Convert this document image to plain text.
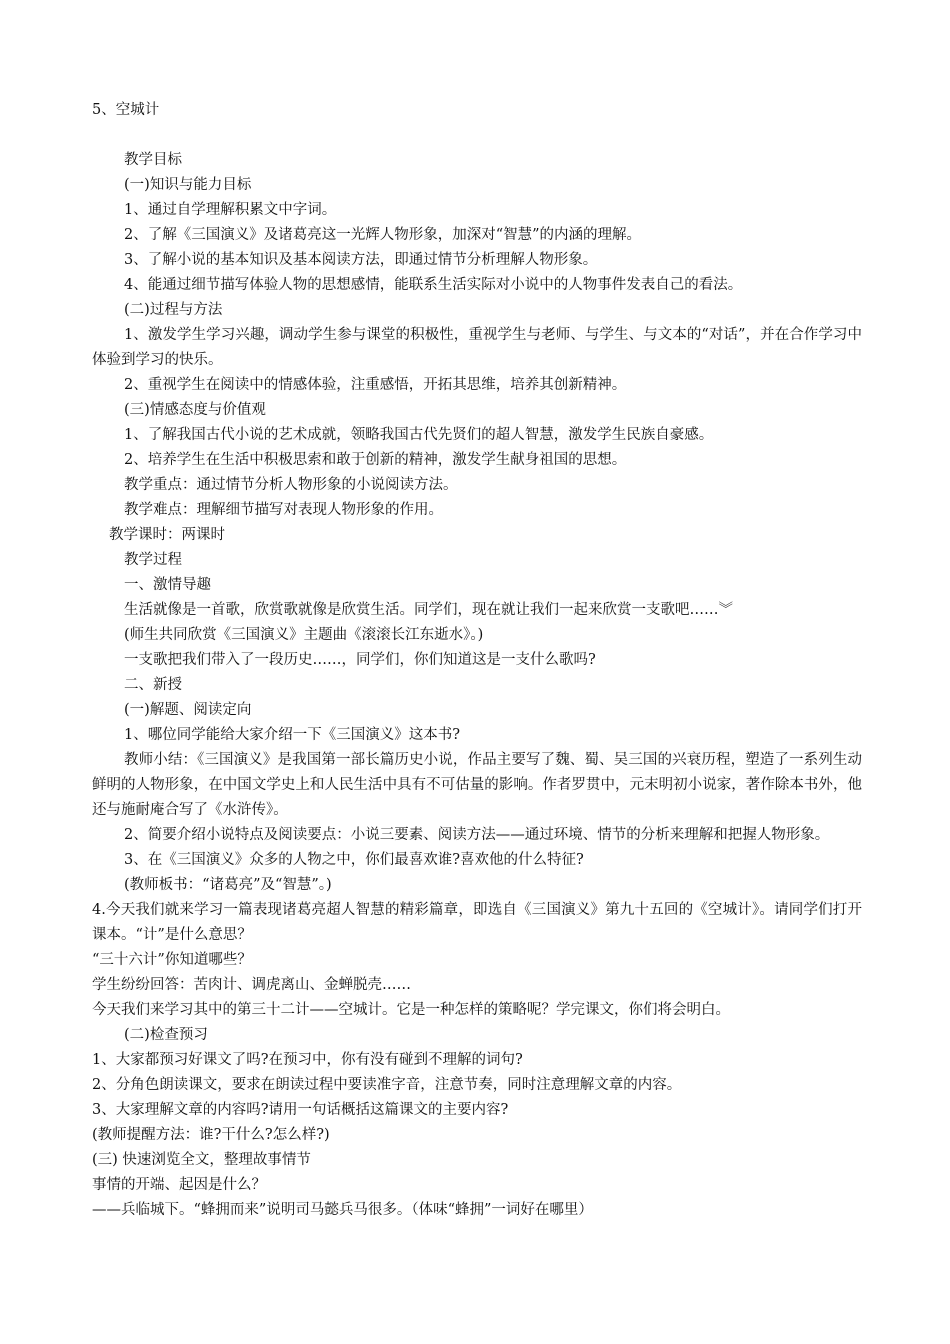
5、空城计
教学目标
(一)知识与能力目标
1、通过自学理解积累文中字词。
2、了解《三国演义》及诸葛亮这一光辉人物形象，加深对“智慧”的内涵的理解。
3、了解小说的基本知识及基本阅读方法，即通过情节分析理解人物形象。
4、能通过细节描写体验人物的思想感情，能联系生活实际对小说中的人物事件发表自己的看法。
(二)过程与方法
1、激发学生学习兴趣，调动学生参与课堂的积极性，重视学生与老师、与学生、与文本的“对话”，并在合作学习中体验到学习的快乐。
2、重视学生在阅读中的情感体验，注重感悟，开拓其思维，培养其创新精神。
(三)情感态度与价值观
1、了解我国古代小说的艺术成就，领略我国古代先贤们的超人智慧，激发学生民族自豪感。
2、培养学生在生活中积极思索和敢于创新的精神，激发学生献身祖国的思想。
教学重点：通过情节分析人物形象的小说阅读方法。
教学难点：理解细节描写对表现人物形象的作用。
教学课时：两课时
教学过程
一、激情导趣
生活就像是一首歌，欣赏歌就像是欣赏生活。同学们，现在就让我们一起来欣赏一支歌吧……︾
(师生共同欣赏《三国演义》主题曲《滚滚长江东逝水》。)
一支歌把我们带入了一段历史……，同学们，你们知道这是一支什么歌吗?
二、新授
(一)解题、阅读定向
1、哪位同学能给大家介绍一下《三国演义》这本书?
教师小结：《三国演义》是我国第一部长篇历史小说，作品主要写了魏、蜀、吴三国的兴衰历程，塑造了一系列生动鲜明的人物形象，在中国文学史上和人民生活中具有不可估量的影响。作者罗贯中，元末明初小说家，著作除本书外，他还与施耐庵合写了《水浒传》。
2、简要介绍小说特点及阅读要点：小说三要素、阅读方法——通过环境、情节的分析来理解和把握人物形象。
3、在《三国演义》众多的人物之中，你们最喜欢谁?喜欢他的什么特征?
(教师板书：“诸葛亮”及“智慧”。)
4.今天我们就来学习一篇表现诸葛亮超人智慧的精彩篇章，即选自《三国演义》第九十五回的《空城计》。请同学们打开课本。“计”是什么意思？
“三十六计”你知道哪些？
学生纷纷回答：苦肉计、调虎离山、金蝉脱壳……
今天我们来学习其中的第三十二计——空城计。它是一种怎样的策略呢？学完课文，你们将会明白。
(二)检查预习
1、大家都预习好课文了吗?在预习中，你有没有碰到不理解的词句?
2、分角色朗读课文，要求在朗读过程中要读准字音，注意节奏，同时注意理解文章的内容。
3、大家理解文章的内容吗?请用一句话概括这篇课文的主要内容?
(教师提醒方法：谁?干什么?怎么样?)
(三) 快速浏览全文，整理故事情节
事情的开端、起因是什么？
——兵临城下。“蜂拥而来”说明司马懿兵马很多。（体味“蜂拥”一词好在哪里）
